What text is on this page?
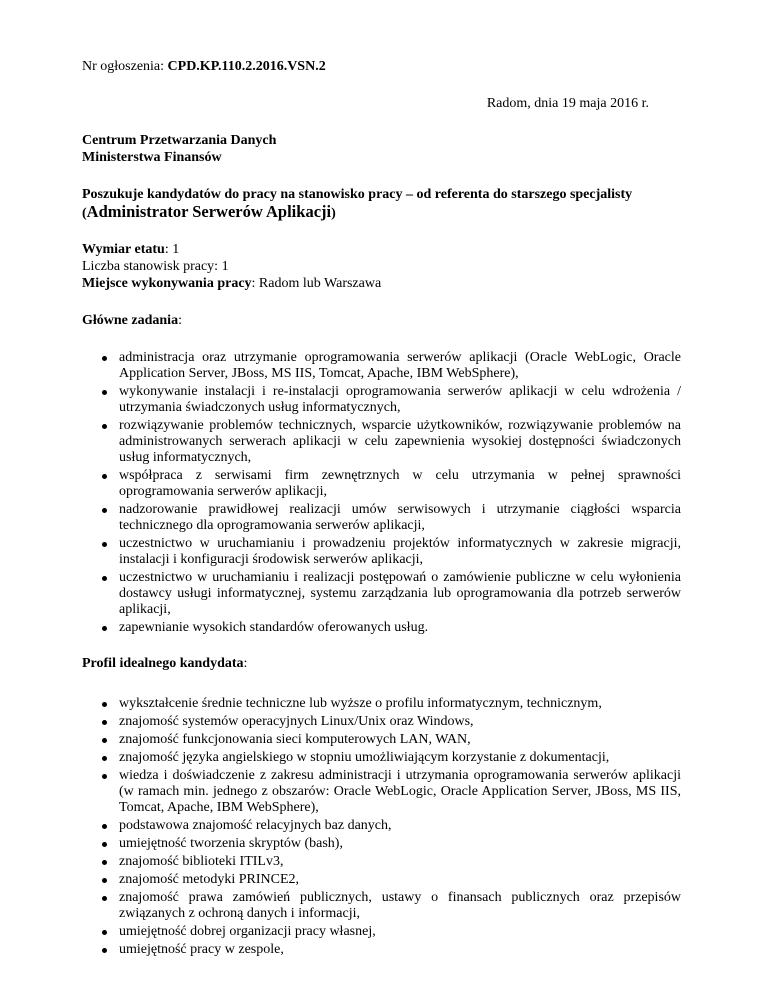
Nr ogłoszenia: CPD.KP.110.2.2016.VSN.2

Radom, dnia 19 maja 2016 r.

Centrum Przetwarzania Danych

Ministerstwa Finansów

Poszukuje kandydatów do pracy na stanowisko pracy – od referenta do starszego specjalisty (Administrator Serwerów Aplikacji)

Wymiar etatu: 1

Liczba stanowisk pracy: 1

Miejsce wykonywania pracy: Radom lub Warszawa

Główne zadania:

administracja oraz utrzymanie oprogramowania serwerów aplikacji (Oracle WebLogic, Oracle Application Server, JBoss, MS IIS, Tomcat, Apache, IBM WebSphere),
wykonywanie instalacji i re-instalacji oprogramowania serwerów aplikacji w celu wdrożenia / utrzymania świadczonych usług informatycznych,
rozwiązywanie problemów technicznych, wsparcie użytkowników, rozwiązywanie problemów na administrowanych serwerach aplikacji w celu zapewnienia wysokiej dostępności świadczonych usług informatycznych,
współpraca z serwisami firm zewnętrznych w celu utrzymania w pełnej sprawności oprogramowania serwerów aplikacji,
nadzorowanie prawidłowej realizacji umów serwisowych i utrzymanie ciągłości wsparcia technicznego dla oprogramowania serwerów aplikacji,
uczestnictwo w uruchamianiu i prowadzeniu projektów informatycznych w zakresie migracji, instalacji i konfiguracji środowisk serwerów aplikacji,
uczestnictwo w uruchamianiu i realizacji postępowań o zamówienie publiczne w celu wyłonienia dostawcy usługi informatycznej, systemu zarządzania lub oprogramowania dla potrzeb serwerów aplikacji,
zapewnianie wysokich standardów oferowanych usług.

Profil idealnego kandydata:

wykształcenie średnie techniczne lub wyższe o profilu informatycznym, technicznym,
znajomość systemów operacyjnych Linux/Unix oraz Windows,
znajomość funkcjonowania sieci komputerowych LAN, WAN,
znajomość języka angielskiego w stopniu umożliwiającym korzystanie z dokumentacji,
wiedza i doświadczenie z zakresu administracji i utrzymania oprogramowania serwerów aplikacji (w ramach min. jednego z obszarów: Oracle WebLogic, Oracle Application Server, JBoss, MS IIS, Tomcat, Apache, IBM WebSphere),
podstawowa znajomość relacyjnych baz danych,
umiejętność tworzenia skryptów (bash),
znajomość biblioteki ITILv3,
znajomość metodyki PRINCE2,
znajomość prawa zamówień publicznych, ustawy o finansach publicznych oraz przepisów związanych z ochroną danych i informacji,
umiejętność dobrej organizacji pracy własnej,
umiejętność pracy w zespole,
